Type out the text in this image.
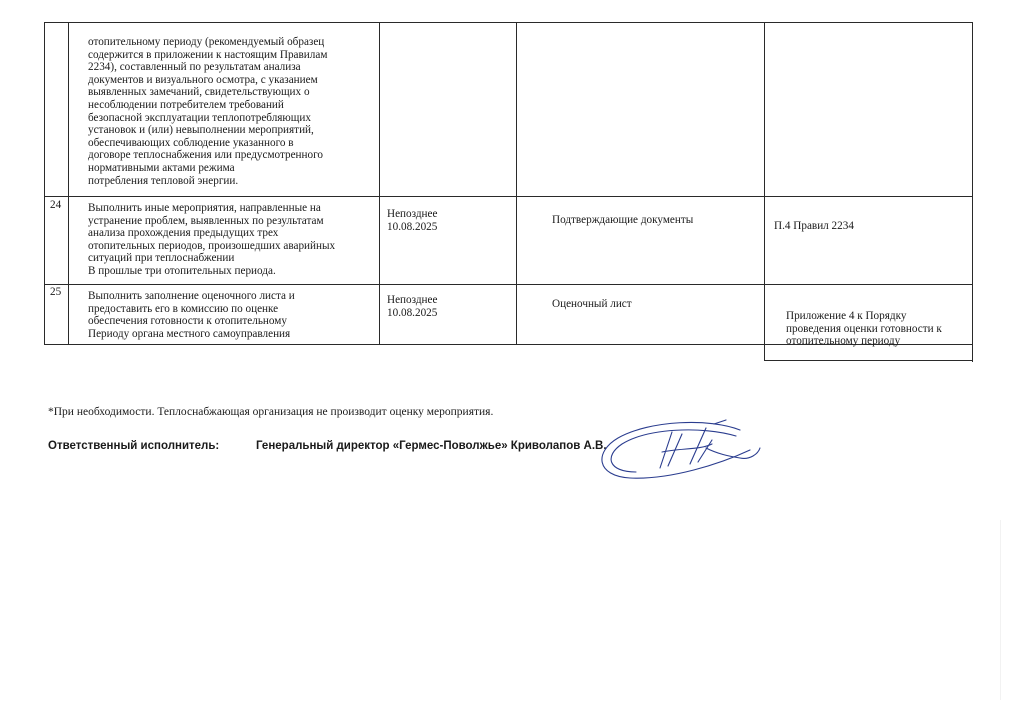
отопительному периоду (рекомендуемый образец
содержится в приложении к настоящим Правилам
2234), составленный по результатам анализа
документов и визуального осмотра, с указанием
выявленных замечаний, свидетельствующих о
несоблюдении потребителем требований
безопасной эксплуатации теплопотребляющих
установок и (или) невыполнении мероприятий,
обеспечивающих соблюдение указанного в
договоре теплоснабжения или предусмотренного
нормативными актами режима
потребления тепловой энергии.
24 Выполнить иные мероприятия, направленные на
устранение проблем, выявленных по результатам
анализа прохождения предыдущих трех
отопительных периодов, произошедших аварийных
ситуаций при теплоснабжении
В прошлые три отопительных периода.
Непозднее
10.08.2025
Подтверждающие документы	П.4 Правил 2234
25 Выполнить заполнение оценочного листа и
предоставить его в комиссию по оценке
обеспечения готовности к отопительному
Периоду органа местного самоуправления
Непозднее
10.08.2025
Оценочный лист
Приложение 4 к Порядку
проведения оценки готовности к
отопительному периоду
*При необходимости. Теплоснабжающая организация не производит оценку мероприятия.
Ответственный исполнитель:	Генеральный директор «Гермес-Поволжье» Криволапов А.В.
